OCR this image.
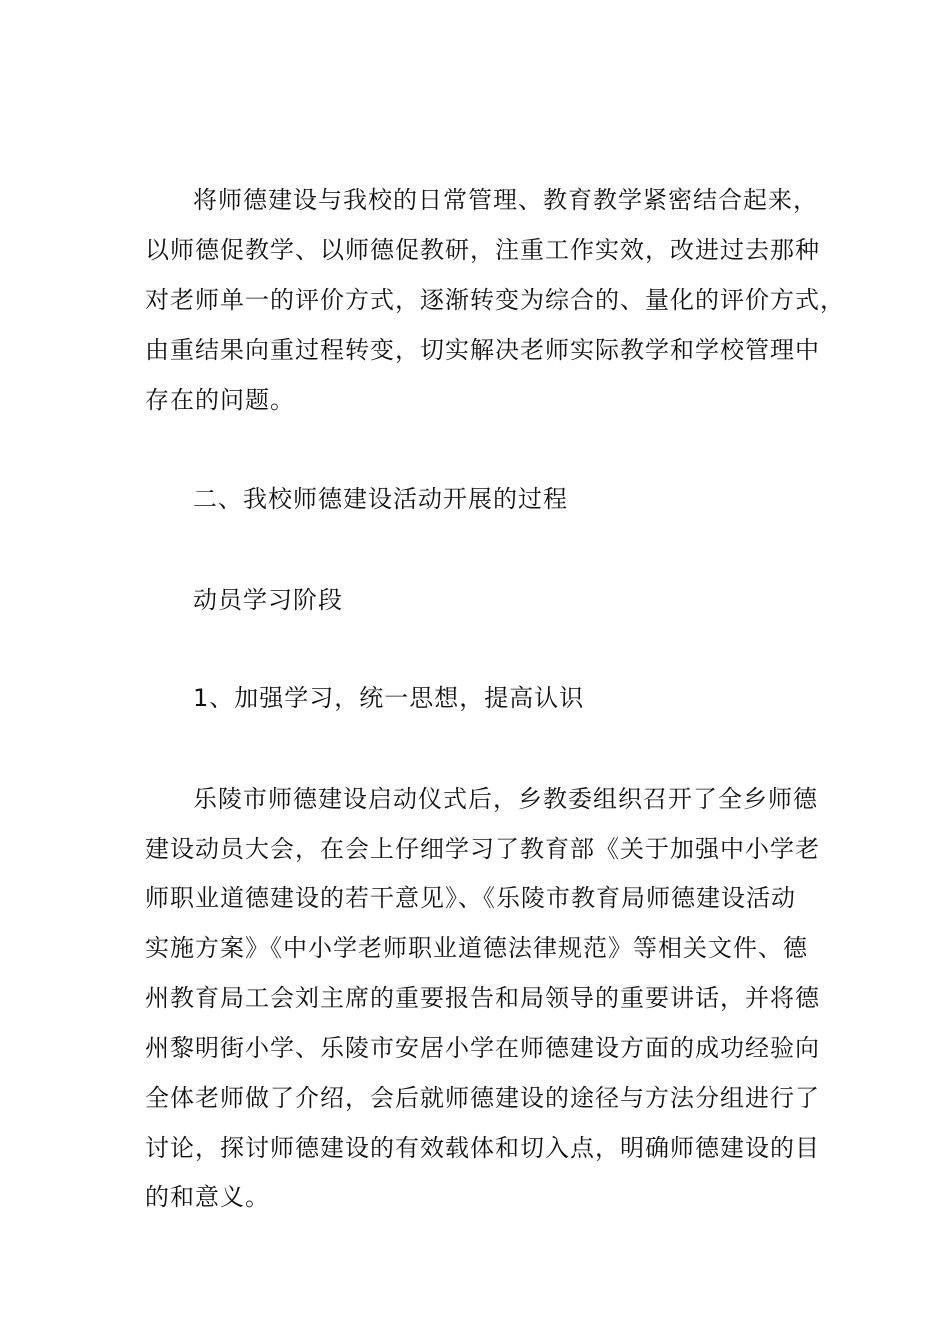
将师德建设与我校的日常管理、教育教学紧密结合起来，
以师德促教学、以师德促教研，注重工作实效，改进过去那种
对老师单一的评价方式，逐渐转变为综合的、量化的评价方式，
由重结果向重过程转变，切实解决老师实际教学和学校管理中
存在的问题。
二、我校师德建设活动开展的过程
动员学习阶段
1、加强学习，统一思想，提高认识
乐陵市师德建设启动仪式后，乡教委组织召开了全乡师德
建设动员大会，在会上仔细学习了教育部《关于加强中小学老
师职业道德建设的若干意见》、《乐陵市教育局师德建设活动
实施方案》《中小学老师职业道德法律规范》等相关文件、德
州教育局工会刘主席的重要报告和局领导的重要讲话，并将德
州黎明街小学、乐陵市安居小学在师德建设方面的成功经验向
全体老师做了介绍，会后就师德建设的途径与方法分组进行了
讨论，探讨师德建设的有效载体和切入点，明确师德建设的目
的和意义。
